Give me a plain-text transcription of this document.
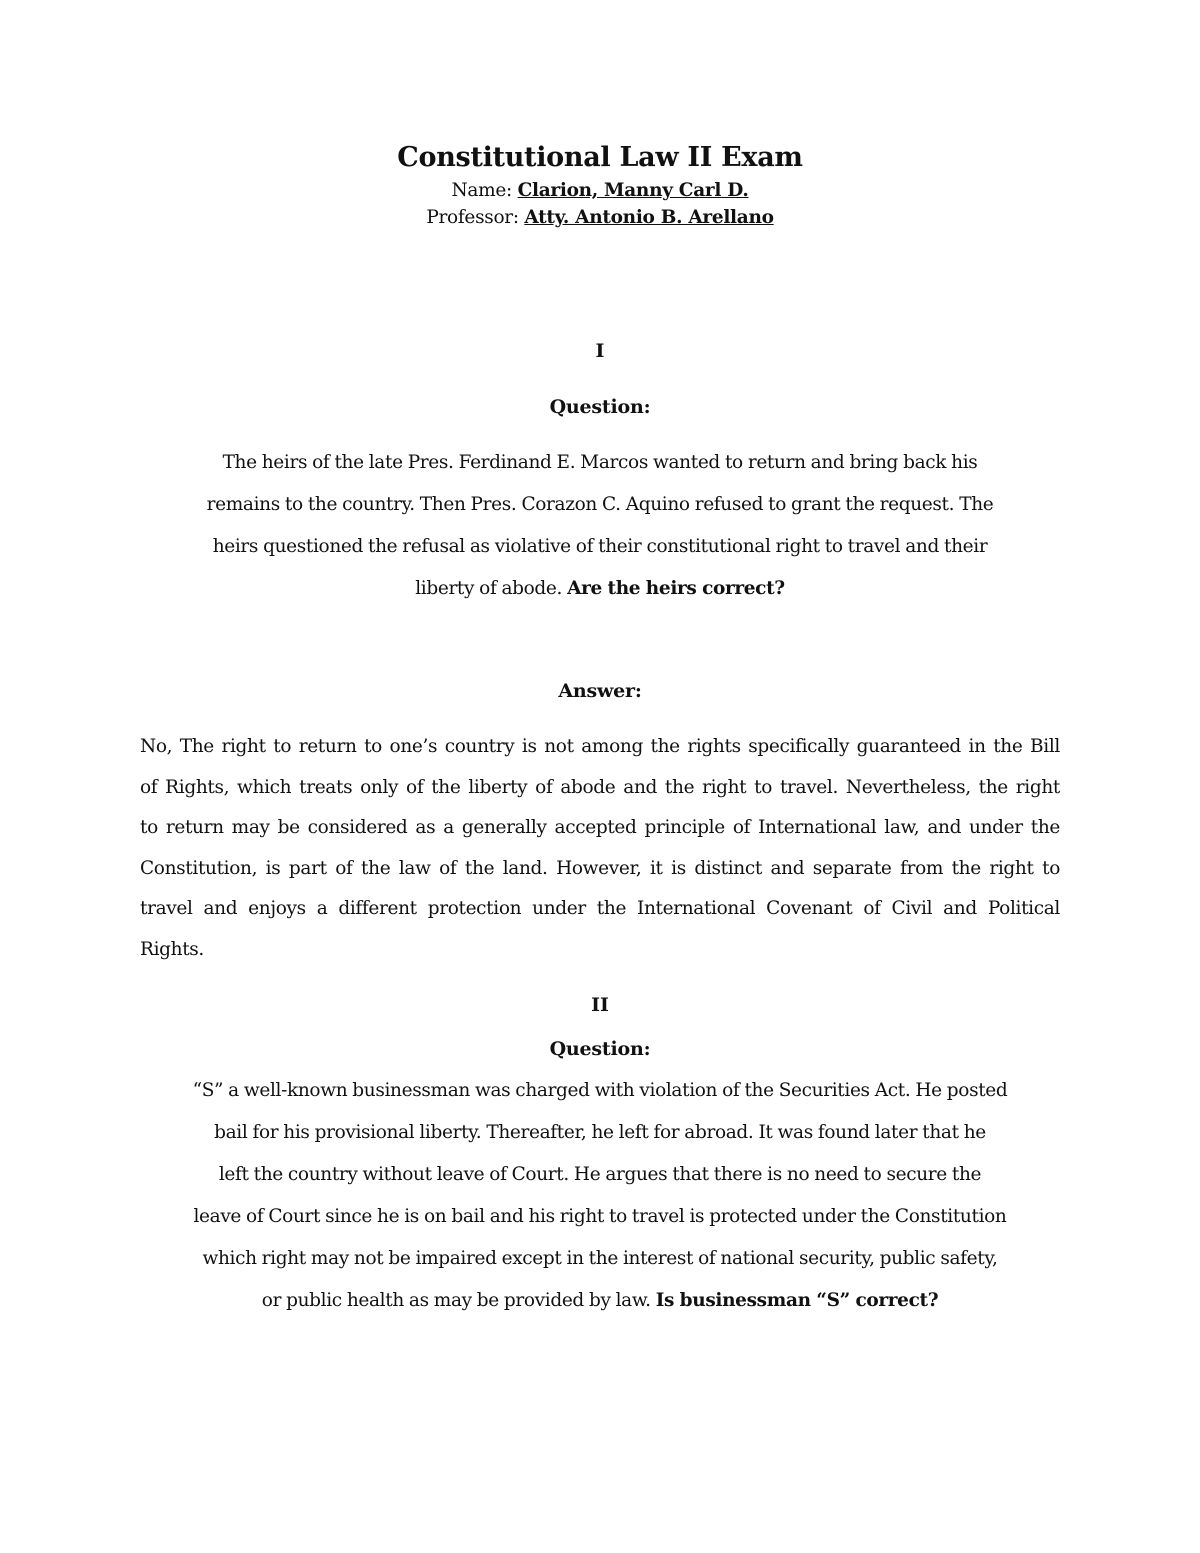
Constitutional Law II Exam
Name: Clarion, Manny Carl D.
Professor: Atty. Antonio B. Arellano
I
Question:
The heirs of the late Pres. Ferdinand E. Marcos wanted to return and bring back his
remains to the country. Then Pres. Corazon C. Aquino refused to grant the request. The
heirs questioned the refusal as violative of their constitutional right to travel and their
liberty of abode. Are the heirs correct?
Answer:
No, The right to return to one’s country is not among the rights specifically guaranteed in the Bill
of Rights, which treats only of the liberty of abode and the right to travel. Nevertheless, the right
to return may be considered as a generally accepted principle of International law, and under the
Constitution, is part of the law of the land. However, it is distinct and separate from the right to
travel and enjoys a different protection under the International Covenant of Civil and Political
Rights.
II
Question:
“S” a well-known businessman was charged with violation of the Securities Act. He posted
bail for his provisional liberty. Thereafter, he left for abroad. It was found later that he
left the country without leave of Court. He argues that there is no need to secure the
leave of Court since he is on bail and his right to travel is protected under the Constitution
which right may not be impaired except in the interest of national security, public safety,
or public health as may be provided by law. Is businessman “S” correct?
